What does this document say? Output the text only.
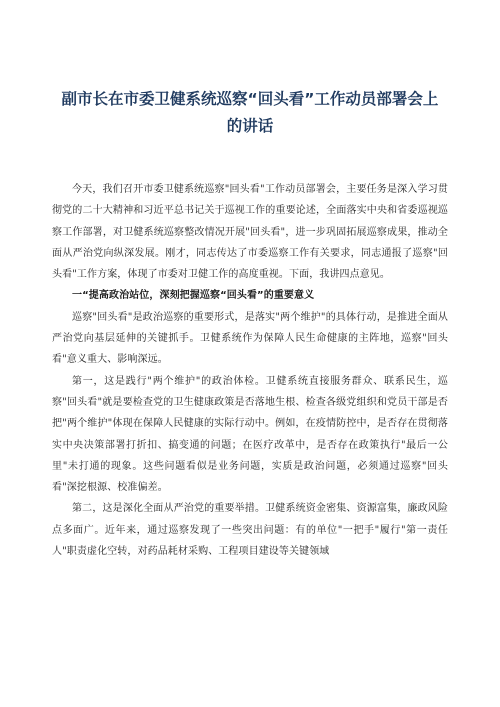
副市长在市委卫健系统巡察“回头看”工作动员部署会上
的讲话

今天，我们召开市委卫健系统巡察"回头看"工作动员部署会，主要任务是深入学习贯彻党的二十大精神和习近平总书记关于巡视工作的重要论述，全面落实中央和省委巡视巡察工作部署，对卫健系统巡察整改情况开展"回头看"，进一步巩固拓展巡察成果，推动全面从严治党向纵深发展。刚才，同志传达了市委巡察工作有关要求，同志通报了巡察"回头看"工作方案，体现了市委对卫健工作的高度重视。下面，我讲四点意见。

一“提高政治站位，深刻把握巡察“回头看”的重要意义

巡察"回头看"是政治巡察的重要形式，是落实"两个维护"的具体行动，是推进全面从严治党向基层延伸的关键抓手。卫健系统作为保障人民生命健康的主阵地，巡察"回头看"意义重大、影响深远。

第一，这是践行"两个维护"的政治体检。卫健系统直接服务群众、联系民生，巡察"回头看"就是要检查党的卫生健康政策是否落地生根、检查各级党组织和党员干部是否把"两个维护"体现在保障人民健康的实际行动中。例如，在疫情防控中，是否存在贯彻落实中央决策部署打折扣、搞变通的问题；在医疗改革中，是否存在政策执行"最后一公里"未打通的现象。这些问题看似是业务问题，实质是政治问题，必须通过巡察"回头看"深挖根源、校准偏差。

第二，这是深化全面从严治党的重要举措。卫健系统资金密集、资源富集，廉政风险点多面广。近年来，通过巡察发现了一些突出问题：有的单位"一把手"履行"第一责任人"职责虚化空转，对药品耗材采购、工程项目建设等关键领域
